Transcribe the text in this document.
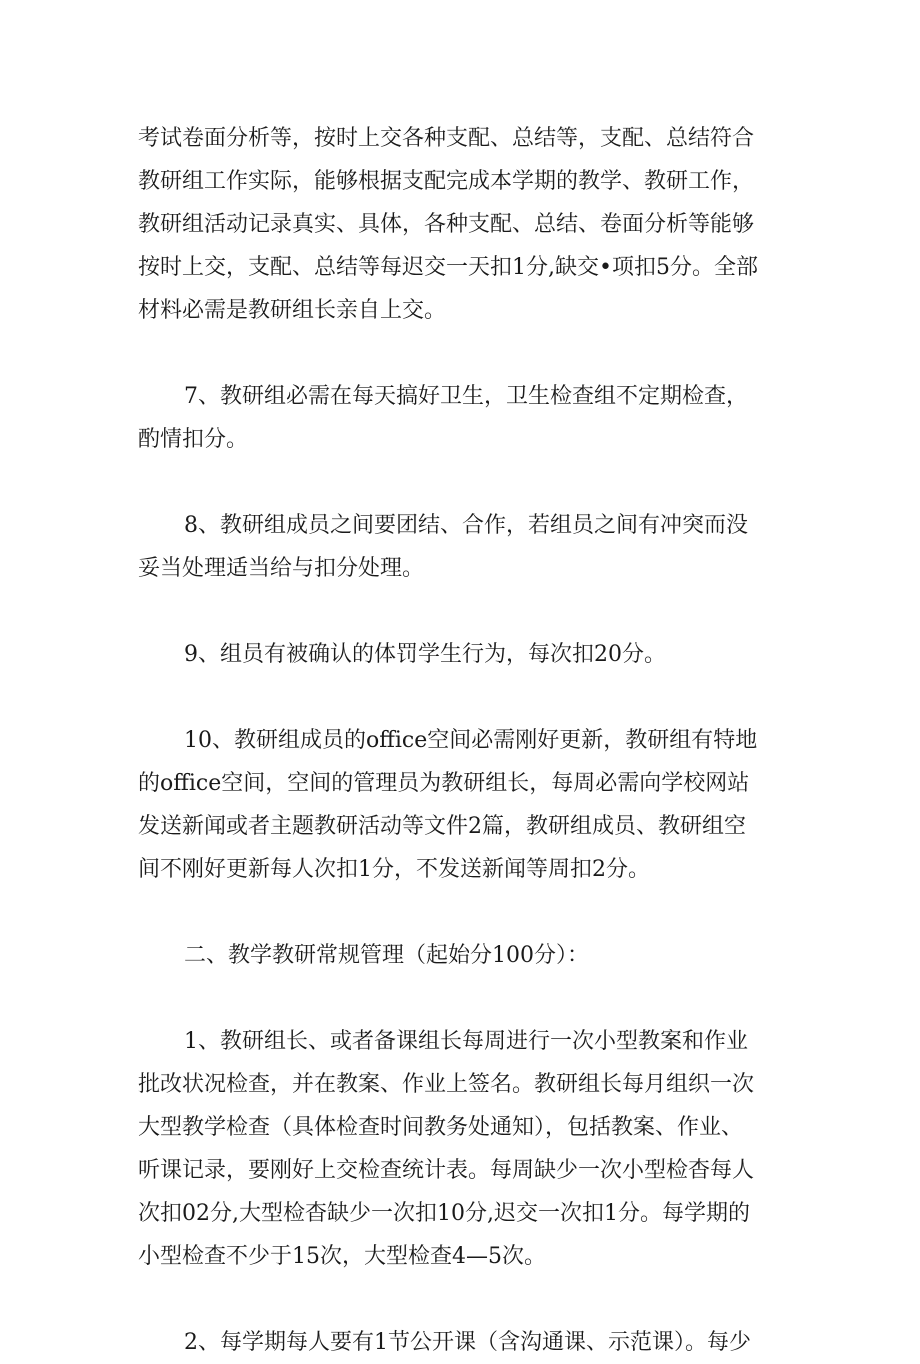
考试卷面分析等，按时上交各种支配、总结等，支配、总结符合
教研组工作实际，能够根据支配完成本学期的教学、教研工作，
教研组活动记录真实、具体，各种支配、总结、卷面分析等能够
按时上交，支配、总结等每迟交一天扣1分,缺交•项扣5分。全部
材料必需是教研组长亲自上交。
7、教研组必需在每天搞好卫生，卫生检查组不定期检查，
酌情扣分。
8、教研组成员之间要团结、合作，若组员之间有冲突而没
妥当处理适当给与扣分处理。
9、组员有被确认的体罚学生行为，每次扣20分。
10、教研组成员的office空间必需刚好更新，教研组有特地
的office空间，空间的管理员为教研组长，每周必需向学校网站
发送新闻或者主题教研活动等文件2篇，教研组成员、教研组空
间不刚好更新每人次扣1分，不发送新闻等周扣2分。
二、教学教研常规管理（起始分100分）：
1、教研组长、或者备课组长每周进行一次小型教案和作业
批改状况检查，并在教案、作业上签名。教研组长每月组织一次
大型教学检查（具体检查时间教务处通知），包括教案、作业、
听课记录，要刚好上交检查统计表。每周缺少一次小型检杳每人
次扣02分,大型检杳缺少一次扣10分,迟交一次扣1分。每学期的
小型检查不少于15次，大型检查4—5次。
2、每学期每人要有1节公开课（含沟通课、示范课）。每少
